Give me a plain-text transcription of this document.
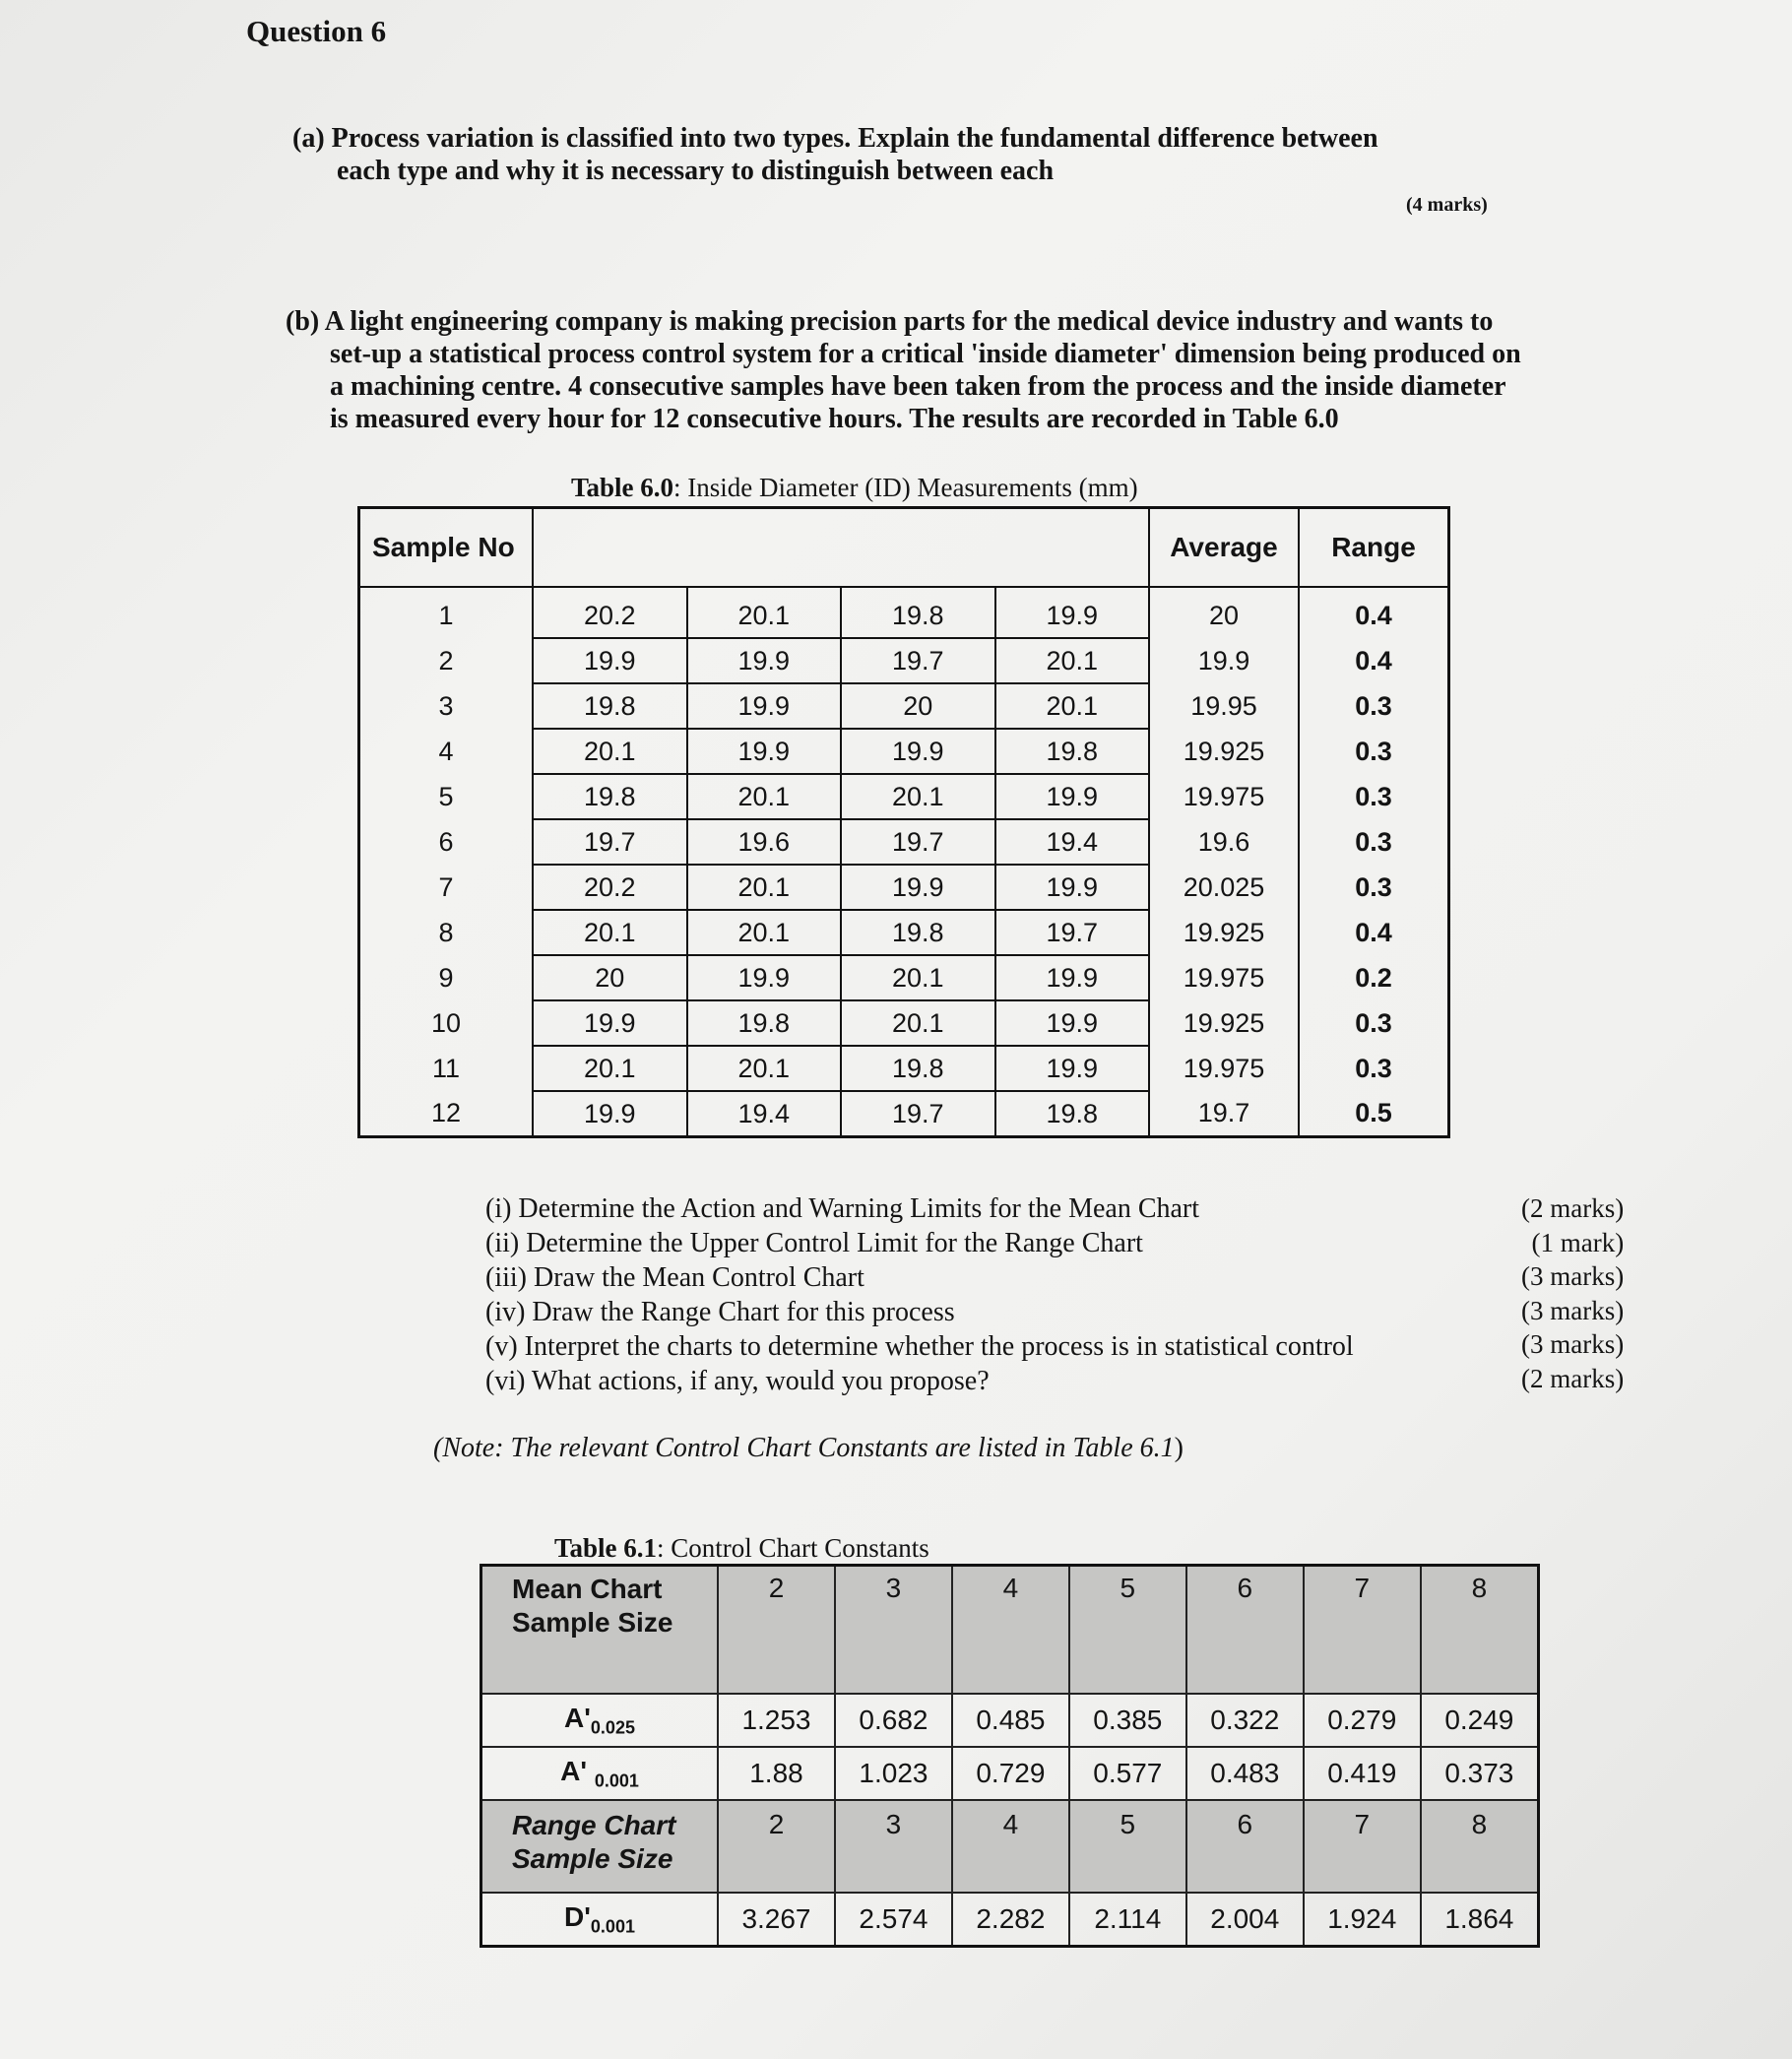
Question 6
(a) Process variation is classified into two types. Explain the fundamental difference between
each type and why it is necessary to distinguish between each
(4 marks)
(b) A light engineering company is making precision parts for the medical device industry and wants to
set-up a statistical process control system for a critical 'inside diameter' dimension being produced on
a machining centre. 4 consecutive samples have been taken from the process and the inside diameter
is measured every hour for 12 consecutive hours. The results are recorded in Table 6.0
Table 6.0: Inside Diameter (ID) Measurements (mm)
Sample No					Average	Range
1	20.2	20.1	19.8	19.9	20	0.4
2	19.9	19.9	19.7	20.1	19.9	0.4
3	19.8	19.9	20	20.1	19.95	0.3
4	20.1	19.9	19.9	19.8	19.925	0.3
5	19.8	20.1	20.1	19.9	19.975	0.3
6	19.7	19.6	19.7	19.4	19.6	0.3
7	20.2	20.1	19.9	19.9	20.025	0.3
8	20.1	20.1	19.8	19.7	19.925	0.4
9	20	19.9	20.1	19.9	19.975	0.2
10	19.9	19.8	20.1	19.9	19.925	0.3
11	20.1	20.1	19.8	19.9	19.975	0.3
12	19.9	19.4	19.7	19.8	19.7	0.5
(i) Determine the Action and Warning Limits for the Mean Chart
(ii) Determine the Upper Control Limit for the Range Chart
(iii) Draw the Mean Control Chart
(iv) Draw the Range Chart for this process
(v) Interpret the charts to determine whether the process is in statistical control
(vi) What actions, if any, would you propose?
(2 marks)
(1 mark)
(3 marks)
(3 marks)
(3 marks)
(2 marks)
(Note: The relevant Control Chart Constants are listed in Table 6.1)
Table 6.1: Control Chart Constants
Mean Chart Sample Size	2	3	4	5	6	7	8
$A'_{0.025}$	1.253	0.682	0.485	0.385	0.322	0.279	0.249
A' $_{0.001}$	1.88	1.023	0.729	0.577	0.483	0.419	0.373
Range Chart Sample Size	2	3	4	5	6	7	8
$D'_{0.001}$	3.267	2.574	2.282	2.114	2.004	1.924	1.864
